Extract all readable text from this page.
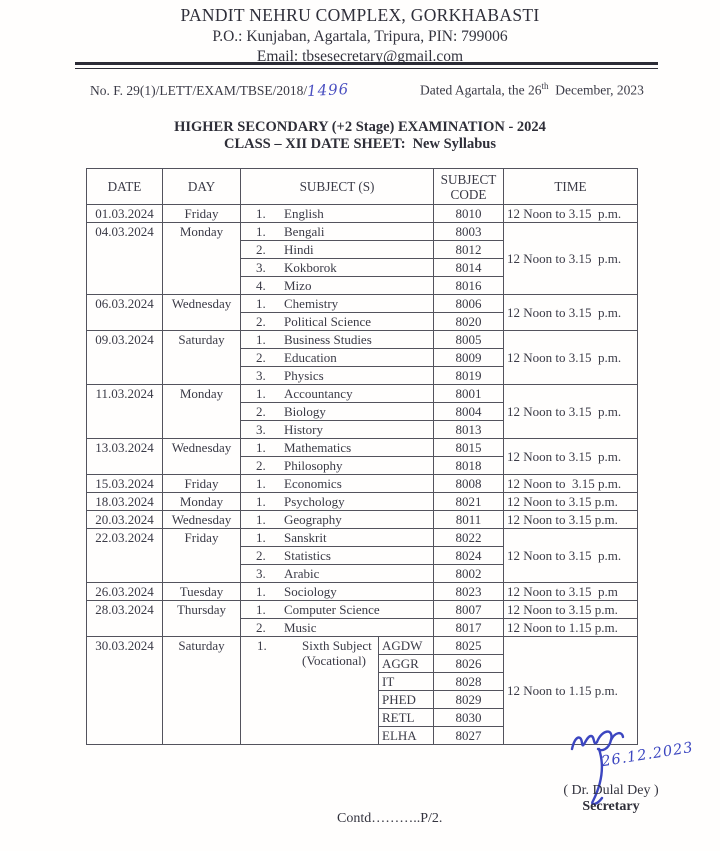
PANDIT NEHRU COMPLEX, GORKHABASTI
P.O.: Kunjaban, Agartala, Tripura, PIN: 799006
Email: tbsesecretary@gmail.com
No. F. 29(1)/LETT/EXAM/TBSE/2018/1496	Dated Agartala, the 26th  December, 2023
HIGHER SECONDARY (+2 Stage) EXAMINATION - 2024
CLASS – XII DATE SHEET: New Syllabus
DATE	DAY	SUBJECT (S)		SUBJECT CODE	TIME
01.03.2024	Friday	1. English		8010	12 Noon to 3.15  p.m.
04.03.2024	Monday	1. Bengali		8003	12 Noon to 3.15  p.m.

		2. Hindi		8012	

		3. Kokborok		8014	

		4. Mizo		8016	
06.03.2024	Wednesday	1. Chemistry		8006	12 Noon to 3.15  p.m.

		2. Political Science		8020	
09.03.2024	Saturday	1. Business Studies		8005	12 Noon to 3.15  p.m.

		2. Education		8009	

		3. Physics		8019	
11.03.2024	Monday	1. Accountancy		8001	12 Noon to 3.15  p.m.

		2. Biology		8004	

		3. History		8013	
13.03.2024	Wednesday	1. Mathematics		8015	12 Noon to 3.15  p.m.

		2. Philosophy		8018	
15.03.2024	Friday	1. Economics		8008	12 Noon to  3.15 p.m.
18.03.2024	Monday	1. Psychology		8021	12 Noon to 3.15 p.m.
20.03.2024	Wednesday	1. Geography		8011	12 Noon to 3.15 p.m.
22.03.2024	Friday	1. Sanskrit		8022	12 Noon to 3.15  p.m.

		2. Statistics		8024	

		3. Arabic		8002	
26.03.2024	Tuesday	1. Sociology		8023	12 Noon to 3.15  p.m
28.03.2024	Thursday	1. Computer Science		8007	12 Noon to 3.15 p.m.

		2. Music		8017	12 Noon to 1.15 p.m.
30.03.2024	Saturday	1. Sixth Subject
(Vocational)	AGDW	8025	12 Noon to 1.15 p.m.
			AGGR	8026	
			IT	8028	
			PHED	8029	
			RETL	8030	
			ELHA	8027	
26.12.2023
( Dr. Dulal Dey )
Secretary
Contd………..P/2.
